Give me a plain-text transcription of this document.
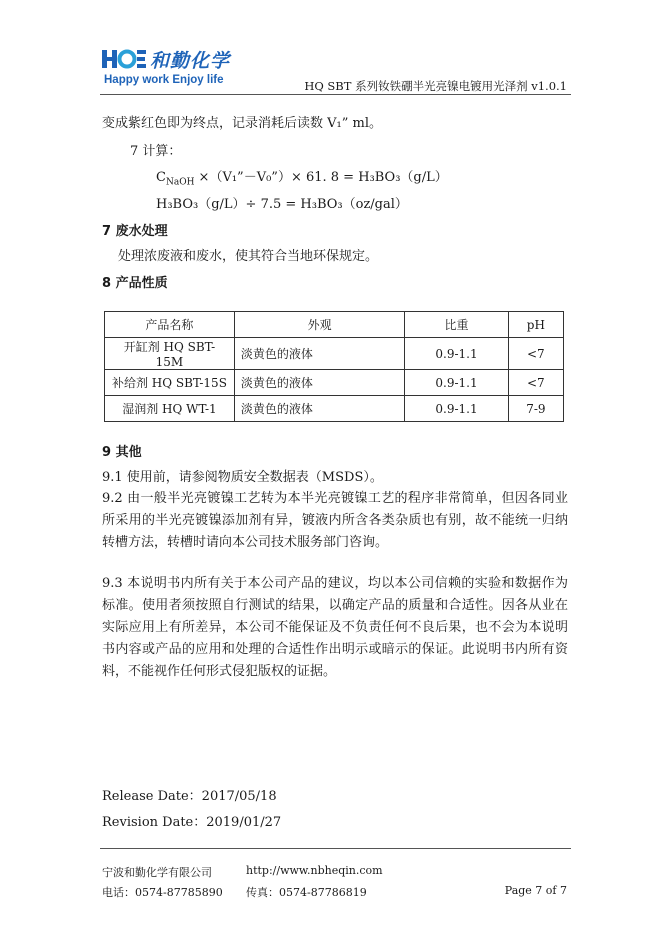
和勤化学
Happy work Enjoy life	HQ SBT 系列钕铁硼半光亮镍电镀用光泽剂 v1.0.1
变成紫红色即为终点，记录消耗后读数 V₁” ml。
7 计算：
$C_{NaOH}$ ×（V₁”－V₀”）× 61. 8 = H₃BO₃（g/L）
H₃BO₃（g/L）÷ 7.5 = H₃BO₃（oz/gal）
7 废水处理
处理浓废液和废水，使其符合当地环保规定。
8 产品性质
产品名称	外观	比重	pH
开缸剂 HQ SBT-15M	淡黄色的液体	0.9-1.1	<7
补给剂 HQ SBT-15S	淡黄色的液体	0.9-1.1	<7
湿润剂 HQ WT-1	淡黄色的液体	0.9-1.1	7-9
9 其他
9.1 使用前，请参阅物质安全数据表（MSDS）。
9.2 由一般半光亮镀镍工艺转为本半光亮镀镍工艺的程序非常简单，但因各同业所采用的半光亮镀镍添加剂有异，镀液内所含各类杂质也有别，故不能统一归纳转槽方法，转槽时请向本公司技术服务部门咨询。
9.3 本说明书内所有关于本公司产品的建议，均以本公司信赖的实验和数据作为标准。使用者须按照自行测试的结果，以确定产品的质量和合适性。因各从业在实际应用上有所差异，本公司不能保证及不负责任何不良后果，也不会为本说明书内容或产品的应用和处理的合适性作出明示或暗示的保证。此说明书内所有资料，不能视作任何形式侵犯版权的证据。
Release Date：2017/05/18
Revision Date：2019/01/27
宁波和勤化学有限公司	http://www.nbheqin.com
电话：0574-87785890 传真：0574-87786819	Page 7 of 7
